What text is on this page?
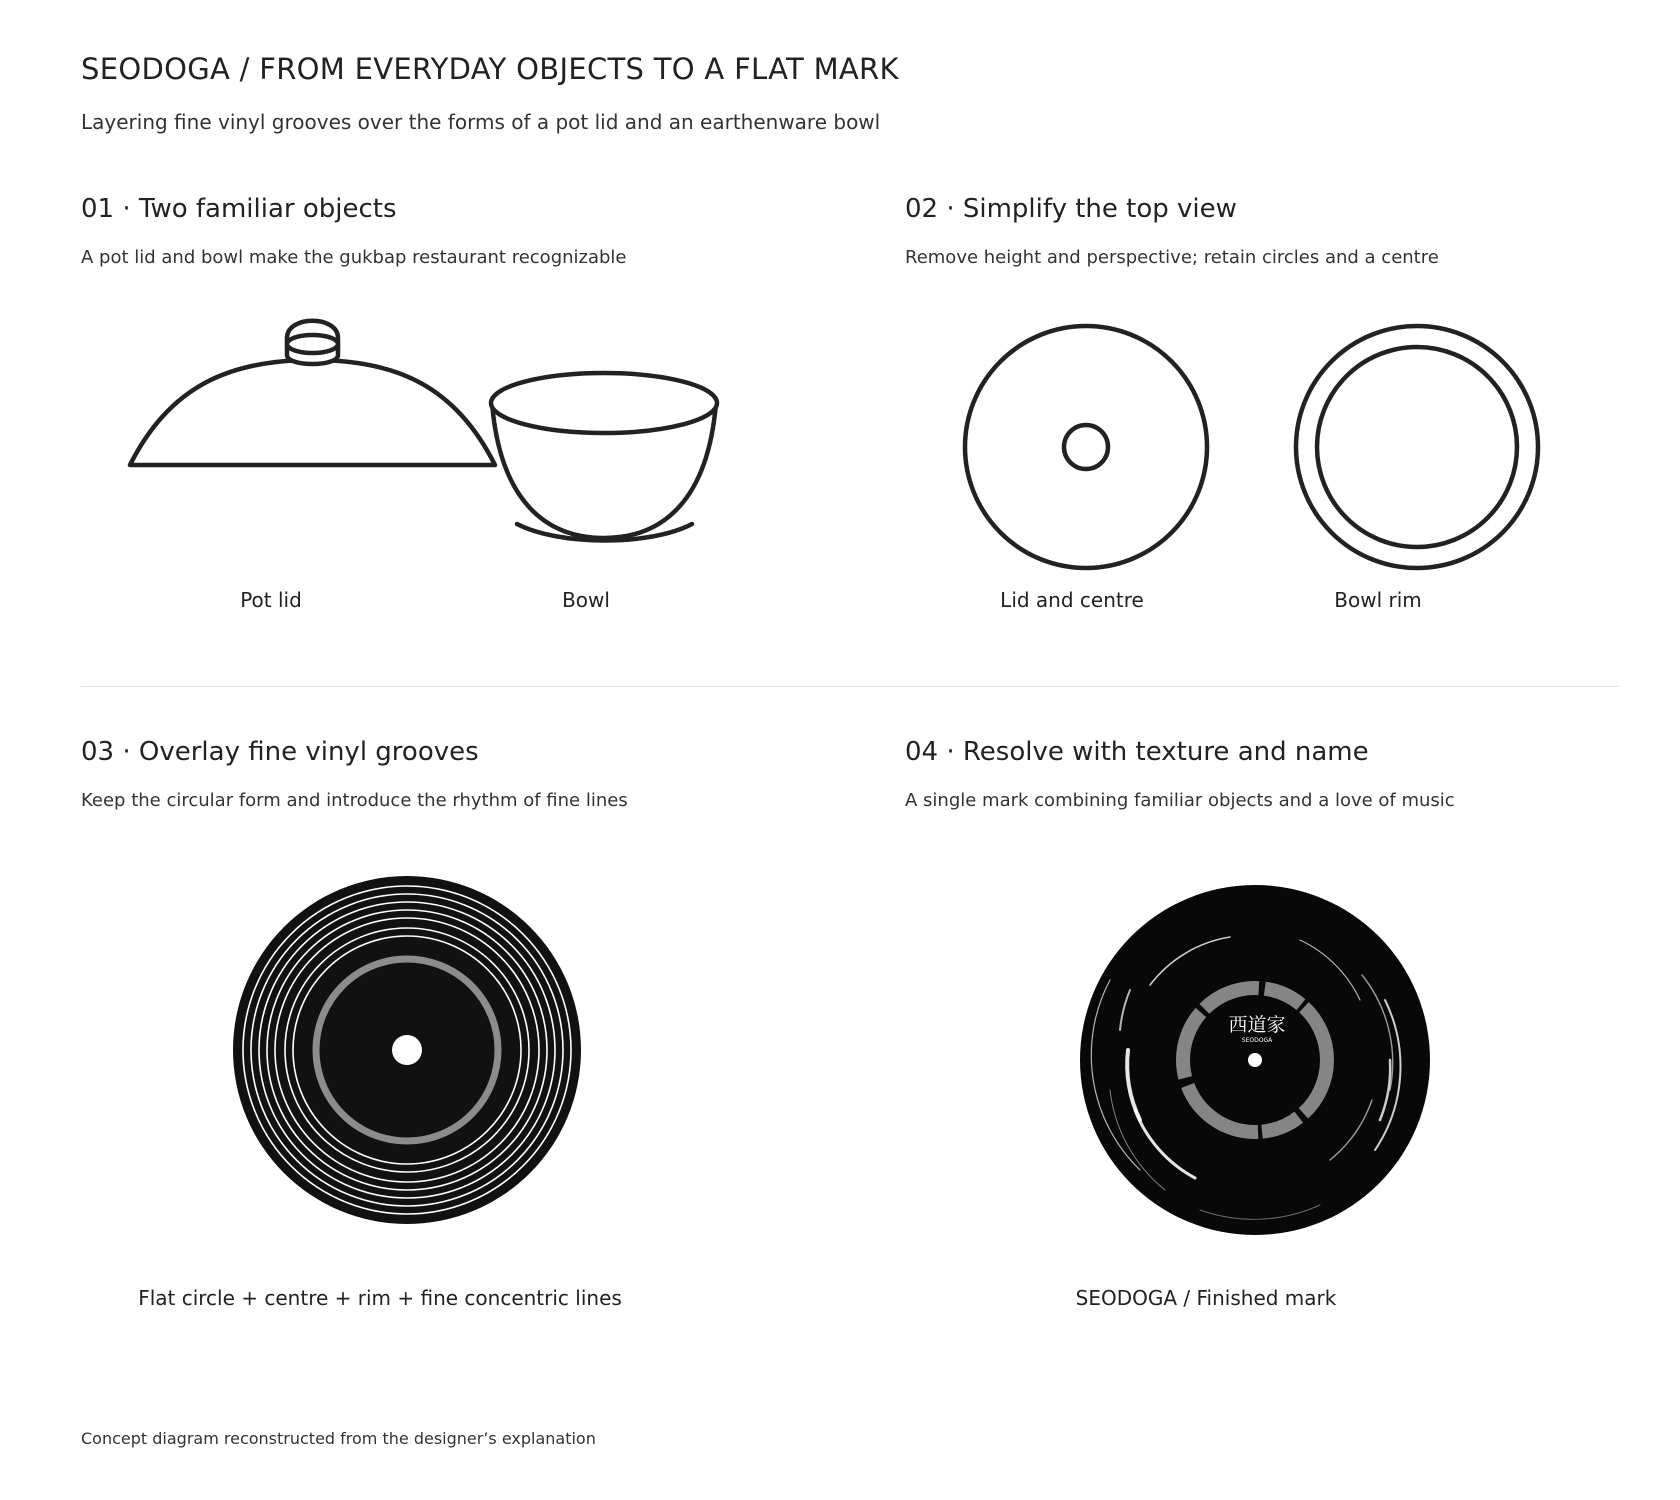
SEODOGA / FROM EVERYDAY OBJECTS TO A FLAT MARK

Layering fine vinyl grooves over the forms of a pot lid and an earthenware bowl

01 · Two familiar objects

A pot lid and bowl make the gukbap restaurant recognizable

Pot lid	Bowl
02 · Simplify the top view

Remove height and perspective; retain circles and a centre

Lid and centre	Bowl rim
03 · Overlay fine vinyl grooves

Keep the circular form and introduce the rhythm of fine lines

Flat circle + centre + rim + fine concentric lines
04 · Resolve with texture and name

A single mark combining familiar objects and a love of music

西道家
SEODOGA
SEODOGA / Finished mark
Concept diagram reconstructed from the designer’s explanation
